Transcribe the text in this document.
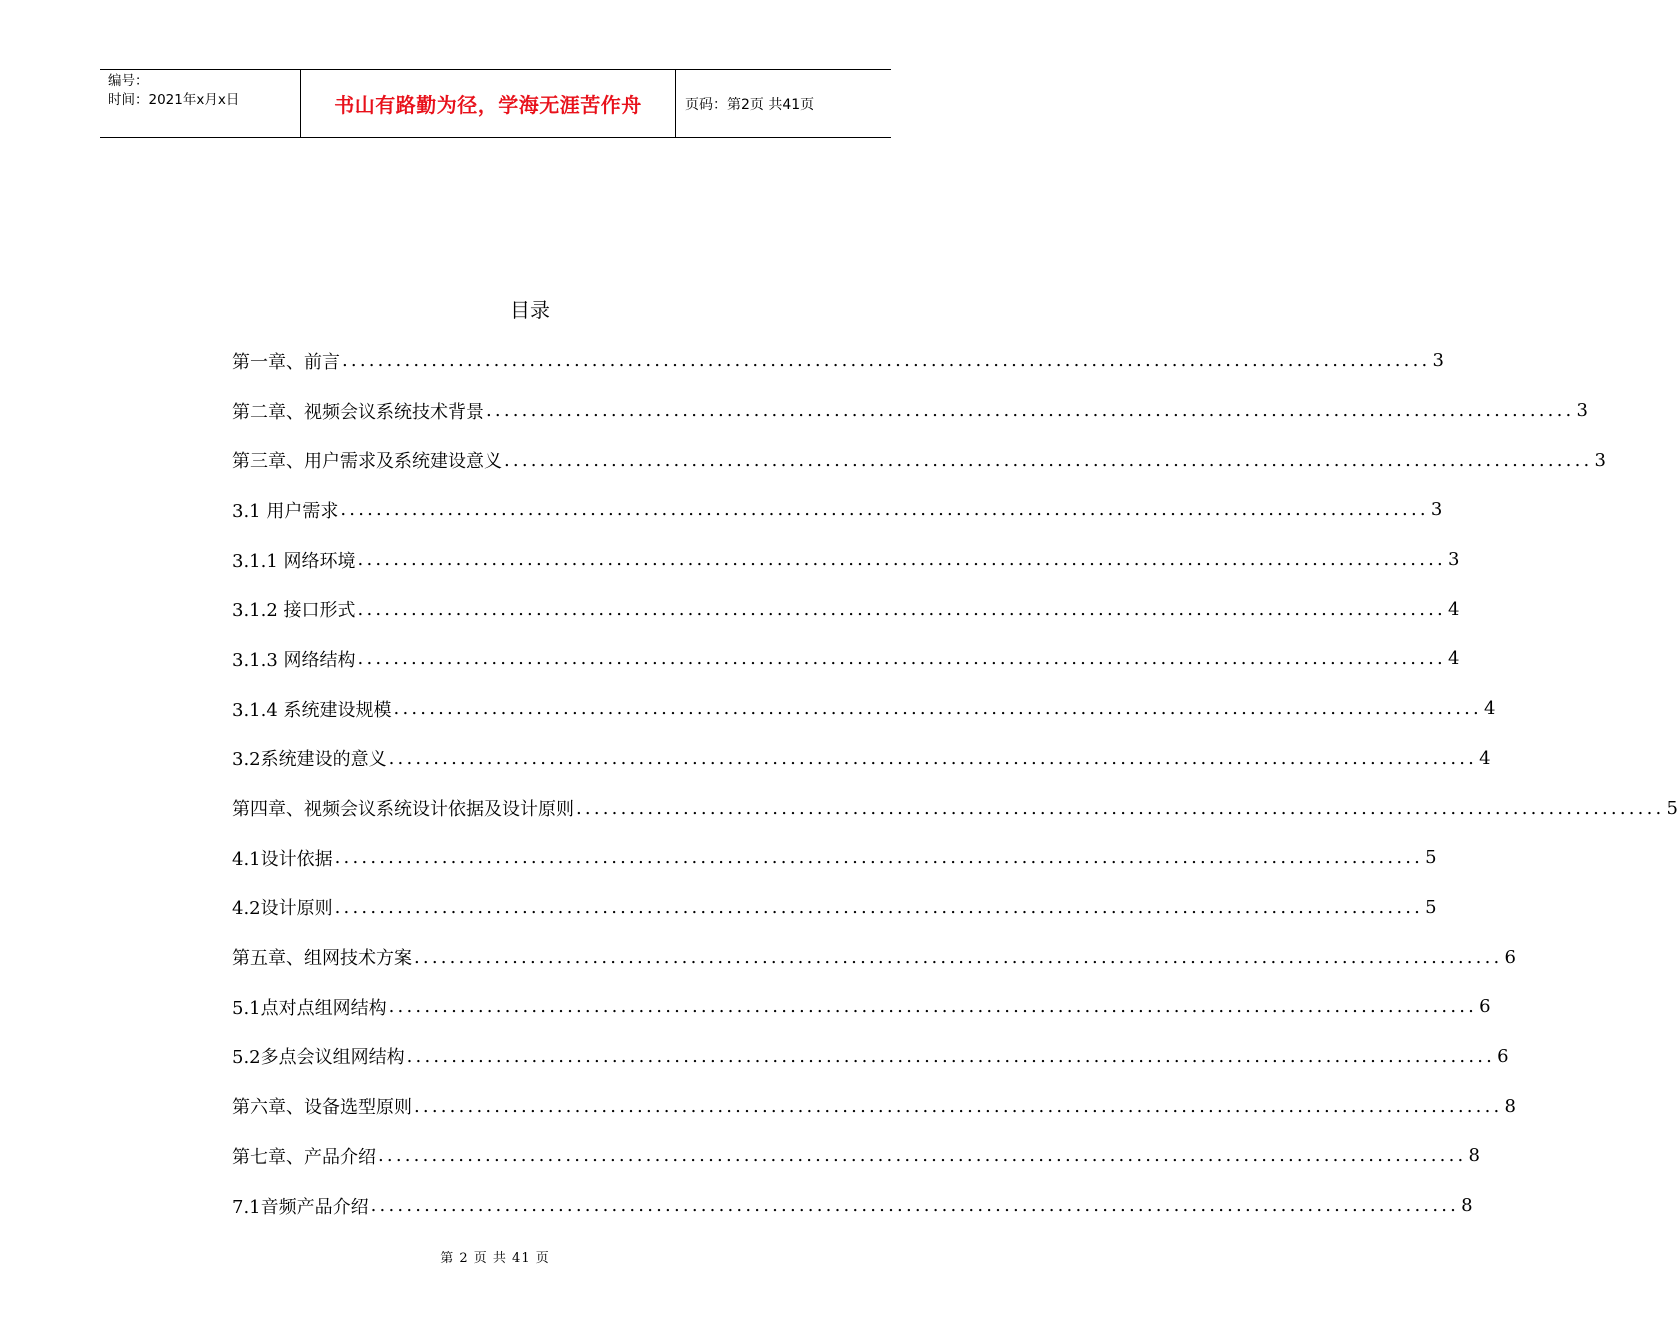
编号：
时间：2021年x月x日	书山有路勤为径，学海无涯苦作舟	页码：第2页 共41页
目录
第一章、前言 .......................................................................................................................... 3
第二章、视频会议系统技术背景 .......................................................................................................................... 3
第三章、用户需求及系统建设意义 .......................................................................................................................... 3
3.1 用户需求 .......................................................................................................................... 3
3.1.1 网络环境 .......................................................................................................................... 3
3.1.2 接口形式 .......................................................................................................................... 4
3.1.3 网络结构 .......................................................................................................................... 4
3.1.4 系统建设规模 .......................................................................................................................... 4
3.2系统建设的意义 .......................................................................................................................... 4
第四章、视频会议系统设计依据及设计原则 .......................................................................................................................... 5
4.1设计依据 .......................................................................................................................... 5
4.2设计原则 .......................................................................................................................... 5
第五章、组网技术方案 .......................................................................................................................... 6
5.1点对点组网结构 .......................................................................................................................... 6
5.2多点会议组网结构 .......................................................................................................................... 6
第六章、设备选型原则 .......................................................................................................................... 8
第七章、产品介绍 .......................................................................................................................... 8
7.1音频产品介绍 .......................................................................................................................... 8
第 2 页 共 41 页
